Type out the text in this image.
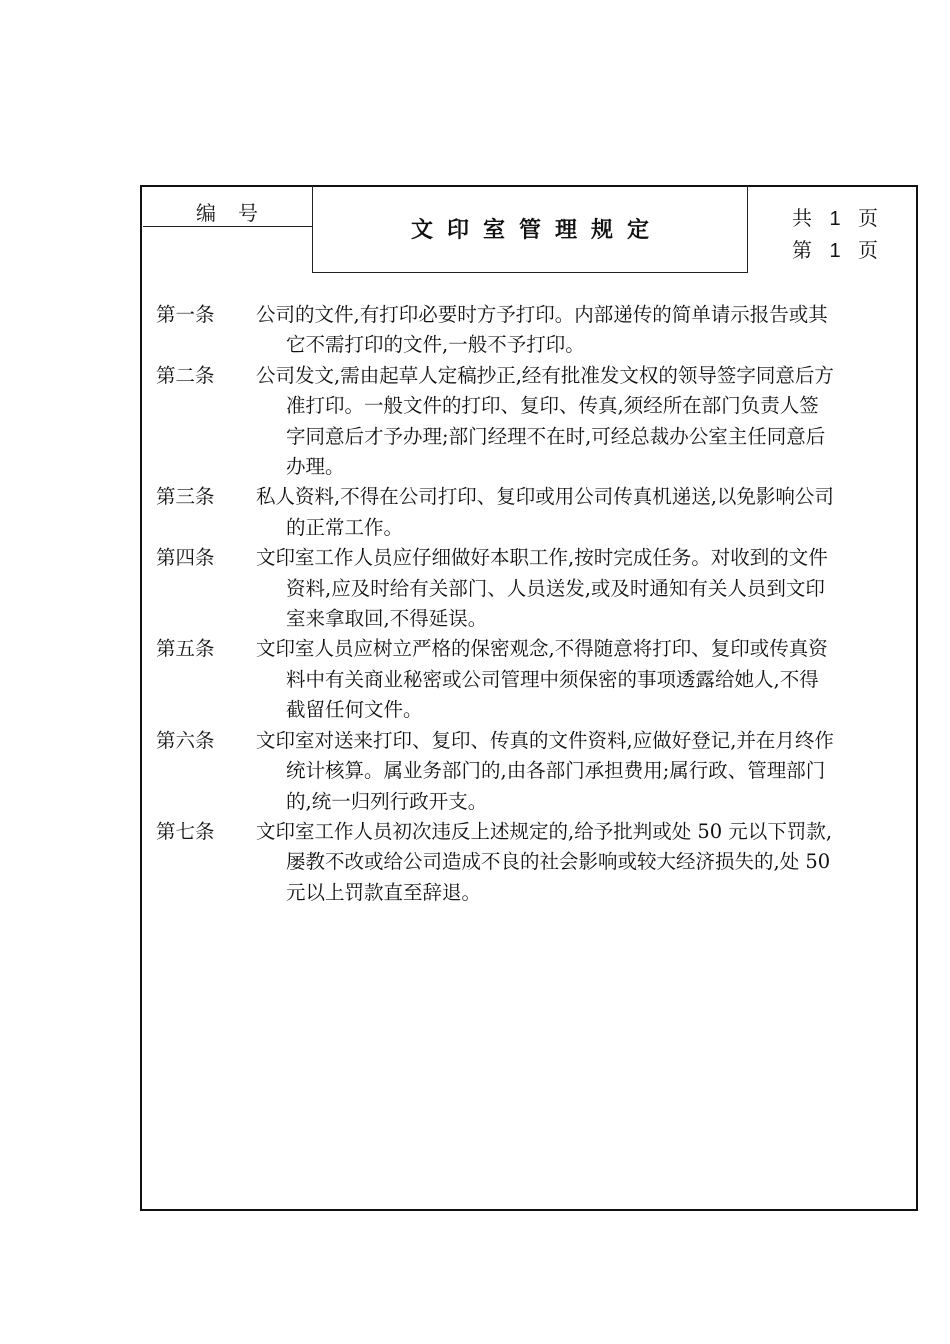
编号
文印室管理规定	共 1 页
第 1 页
第一条 公司的文件,有打印必要时方予打印。内部递传的简单请示报告或其
它不需打印的文件,一般不予打印。
第二条 公司发文,需由起草人定稿抄正,经有批准发文权的领导签字同意后方
准打印。一般文件的打印、复印、传真,须经所在部门负责人签
字同意后才予办理;部门经理不在时,可经总裁办公室主任同意后
办理。
第三条 私人资料,不得在公司打印、复印或用公司传真机递送,以免影响公司
的正常工作。
第四条 文印室工作人员应仔细做好本职工作,按时完成任务。对收到的文件
资料,应及时给有关部门、人员送发,或及时通知有关人员到文印
室来拿取回,不得延误。
第五条 文印室人员应树立严格的保密观念,不得随意将打印、复印或传真资
料中有关商业秘密或公司管理中须保密的事项透露给她人,不得
截留任何文件。
第六条 文印室对送来打印、复印、传真的文件资料,应做好登记,并在月终作
统计核算。属业务部门的,由各部门承担费用;属行政、管理部门
的,统一归列行政开支。
第七条 文印室工作人员初次违反上述规定的,给予批判或处 50 元以下罚款,
屡教不改或给公司造成不良的社会影响或较大经济损失的,处 50
元以上罚款直至辞退。
